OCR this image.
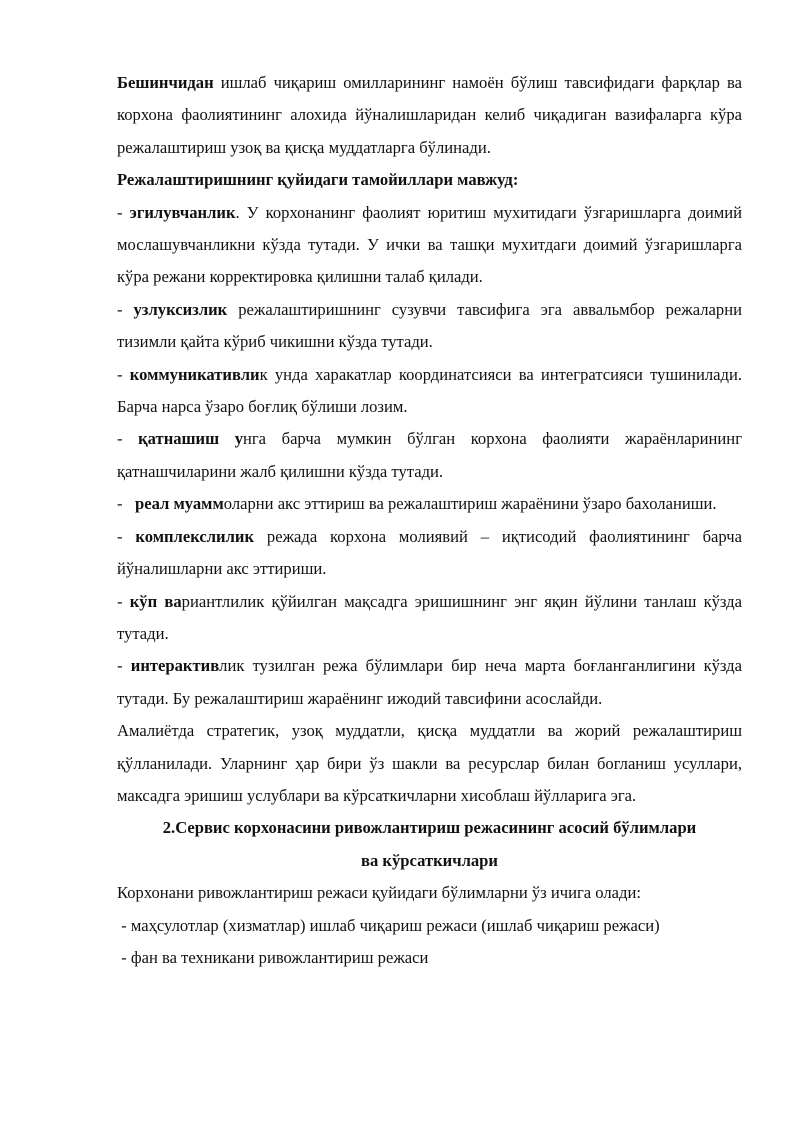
Бешинчидан ишлаб чиқариш омилларининг намоён бўлиш тавсифидаги фарқлар ва корхона фаолиятининг алохида йўналишларидан келиб чиқадиган вазифаларга кўра режалаштириш узоқ ва қисқа муддатларга бўлинади.

Режалаштиришнинг қуйидаги тамойиллари мавжуд:

- эгилувчанлик. У корхонанинг фаолият юритиш мухитидаги ўзгаришларга доимий мослашувчанликни кўзда тутади. У ички ва ташқи мухитдаги доимий ўзгаришларга кўра режани корректировка қилишни талаб қилади.

- узлуксизлик режалаштиришнинг сузувчи тавсифига эга аввальмбор режаларни тизимли қайта кўриб чикишни кўзда тутади.

- коммуникативлик унда харакатлар координатсияси ва интегратсияси тушинилади. Барча нарса ўзаро боғлиқ бўлиши лозим.

- қатнашиш унга барча мумкин бўлган корхона фаолияти жараёнларининг қатнашчиларини жалб қилишни кўзда тутади.

-   реал муаммоларни акс эттириш ва режалаштириш жараёнини ўзаро бахоланиши.

- комплекслилик режада корхона молиявий – иқтисодий фаолиятининг барча йўналишларни акс эттириши.

- кўп вариантлилик қўйилган мақсадга эришишнинг энг яқин йўлини танлаш кўзда тутади.

- интерактивлик тузилган режа бўлимлари бир неча марта боғланганлигини кўзда тутади. Бу режалаштириш жараёнинг ижодий тавсифини асослайди.

Амалиётда стратегик, узоқ муддатли, қисқа муддатли ва жорий режалаштириш қўлланилади. Уларнинг ҳар бири ўз шакли ва ресурслар билан богланиш усуллари, максадга эришиш услублари ва кўрсаткичларни хисоблаш йўлларига эга.

2.Сервис корхонасини ривожлантириш режасининг асосий бўлимлари
ва кўрсаткичлари

Корхонани ривожлантириш режаси қуйидаги бўлимларни ўз ичига олади:

- маҳсулотлар (хизматлар) ишлаб чиқариш режаси (ишлаб чиқариш режаси)

- фан ва техникани ривожлантириш режаси
